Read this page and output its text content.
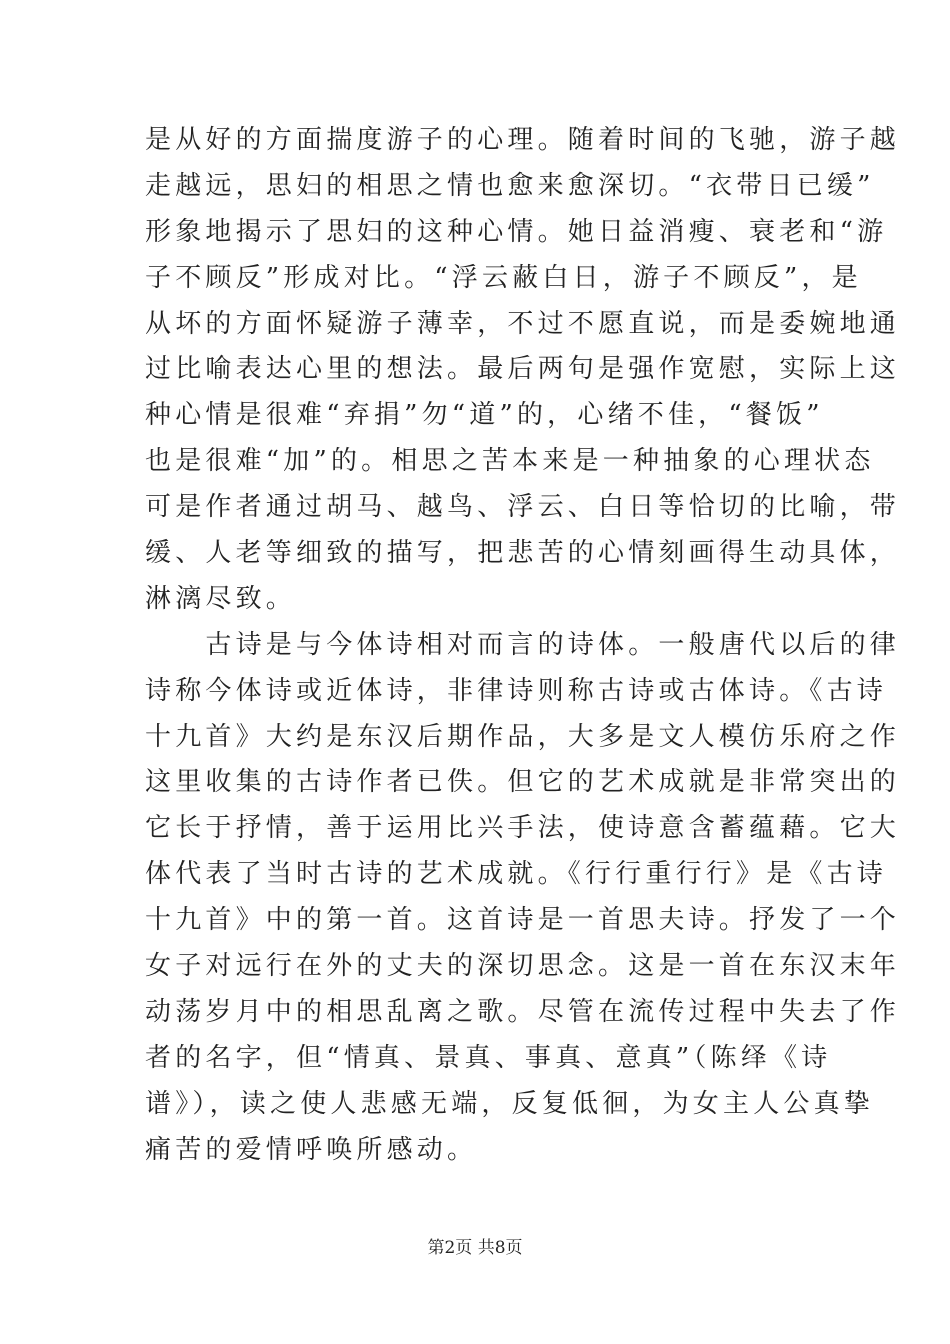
是从好的方面揣度游子的心理。随着时间的飞驰，游子越
走越远，思妇的相思之情也愈来愈深切。“衣带日已缓”
形象地揭示了思妇的这种心情。她日益消瘦、衰老和“游
子不顾反”形成对比。“浮云蔽白日，游子不顾反”，是
从坏的方面怀疑游子薄幸，不过不愿直说，而是委婉地通
过比喻表达心里的想法。最后两句是强作宽慰，实际上这
种心情是很难“弃捐”勿“道”的，心绪不佳，“餐饭”
也是很难“加”的。相思之苦本来是一种抽象的心理状态
可是作者通过胡马、越鸟、浮云、白日等恰切的比喻，带
缓、人老等细致的描写，把悲苦的心情刻画得生动具体，
淋漓尽致。
　　古诗是与今体诗相对而言的诗体。一般唐代以后的律
诗称今体诗或近体诗，非律诗则称古诗或古体诗。《古诗
十九首》大约是东汉后期作品，大多是文人模仿乐府之作
这里收集的古诗作者已佚。但它的艺术成就是非常突出的
它长于抒情，善于运用比兴手法，使诗意含蓄蕴藉。它大
体代表了当时古诗的艺术成就。《行行重行行》是《古诗
十九首》中的第一首。这首诗是一首思夫诗。抒发了一个
女子对远行在外的丈夫的深切思念。这是一首在东汉末年
动荡岁月中的相思乱离之歌。尽管在流传过程中失去了作
者的名字，但“情真、景真、事真、意真”（陈绎《诗
谱》），读之使人悲感无端，反复低徊，为女主人公真挚
痛苦的爱情呼唤所感动。
第2页 共8页
